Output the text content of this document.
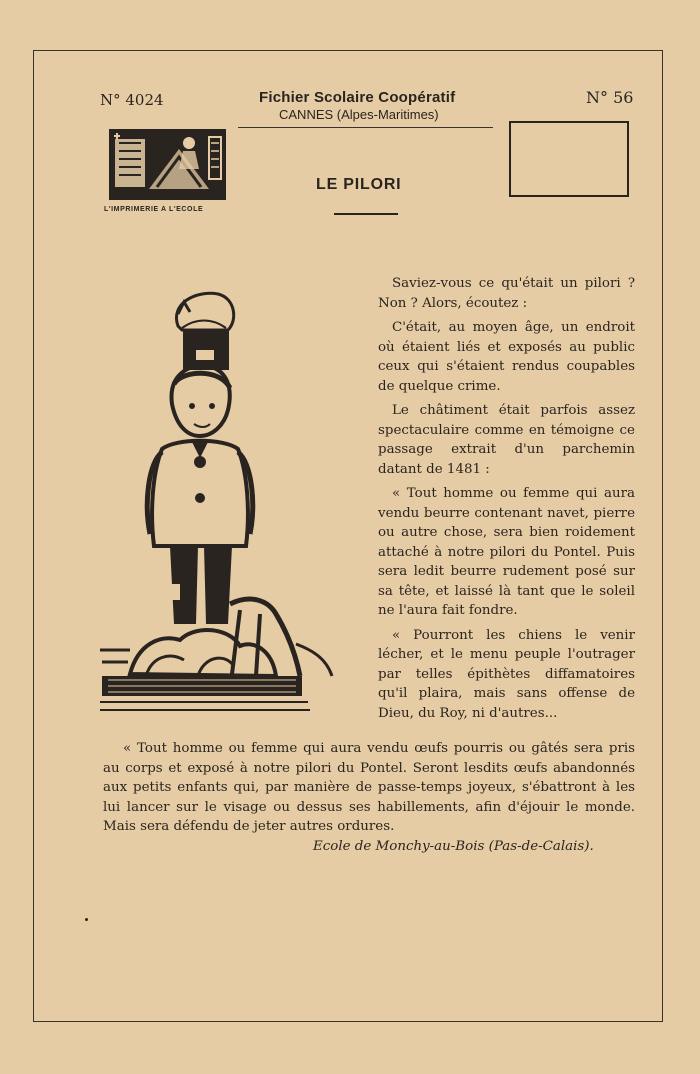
N° 4024	N° 56
Fichier Scolaire Coopératif
CANNES (Alpes-Maritimes)
L'IMPRIMERIE A L'ECOLE
LE PILORI

Saviez-vous ce qu'était un pilori ? Non ? Alors, écoutez :

C'était, au moyen âge, un endroit où étaient liés et exposés au public ceux qui s'étaient rendus coupables de quelque crime.

Le châtiment était parfois assez spectaculaire comme en témoigne ce passage extrait d'un parchemin datant de 1481 :

« Tout homme ou femme qui aura vendu beurre contenant navet, pierre ou autre chose, sera bien roidement attaché à notre pilori du Pontel. Puis sera ledit beurre rudement posé sur sa tête, et laissé là tant que le soleil ne l'aura fait fondre.

« Pourront les chiens le venir lécher, et le menu peuple l'outrager par telles épithètes diffamatoires qu'il plaira, mais sans offense de Dieu, du Roy, ni d'autres...

« Tout homme ou femme qui aura vendu œufs pourris ou gâtés sera pris au corps et exposé à notre pilori du Pontel. Seront lesdits œufs abandonnés aux petits enfants qui, par manière de passe-temps joyeux, s'ébattront à les lui lancer sur le visage ou dessus ses habillements, afin d'éjouir le monde. Mais sera défendu de jeter autres ordures.
Ecole de Monchy-au-Bois (Pas-de-Calais).
